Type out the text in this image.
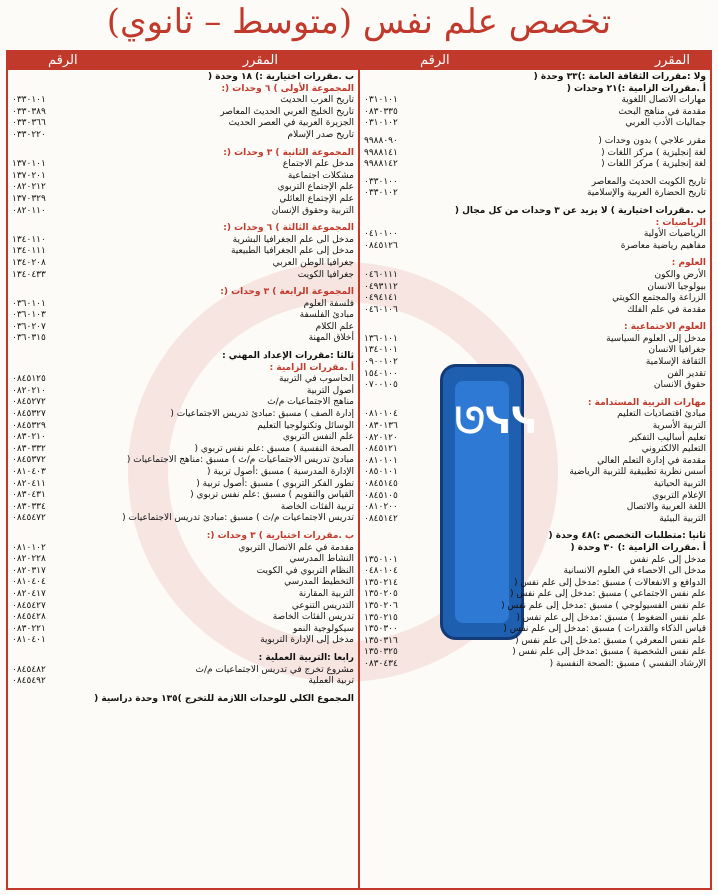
تخصص علم نفس (متوسط – ثانوي)
ᘎᓭᓭ
المقرر
الرقم	المقرر
الرقم
ب .مقررات اختيارية :) ١٨ وحدة (
المجموعة الأولى ) ٦ وحدات (:
تاريخ العرب الحديث
٠٣٣٠١٠١
تاريخ الخليج العربي الحديث المعاصر
٠٣٣٠٣٨٩
الجزيرة العربية في العصر الحديث
٠٣٣٠٣٦٦
تاريخ صدر الإسلام
٠٣٣٠٢٢٠
المجموعة الثانية ) ٣ وحدات (:
مدخل علم الاجتماع
١٣٧٠١٠١
مشكلات اجتماعية
١٣٧٠٢٠١
علم الإجتماع التربوي
٠٨٢٠٢١٢
علم الإجتماع العائلي
١٣٧٠٣٢٩
التربية وحقوق الإنسان
٠٨٢٠١١٠
المجموعة الثالثة ) ٦ وحدات (:
مدخل الى علم الجغرافيا البشرية
١٣٤٠١١٠
مدخل إلى علم الجغرافيا الطبيعية
١٣٤٠١١١
جغرافيا الوطن العربي
١٣٤٠٢٠٨
جغرافيا الكويت
١٣٤٠٤٣٣
المجموعة الرابعة ) ٣ وحدات (:
فلسفة العلوم
٠٣٦٠١٠١
مبادئ الفلسفة
٠٣٦٠١٠٣
علم الكلام
٠٣٦٠٢٠٧
أخلاق المهنة
٠٣٦٠٣١٥
ثالثا :مقررات الإعداد المهني :
أ .مقررات الزامية :
الحاسوب في التربية
٠٨٤٥١٢٥
أصول التربية
٠٨٢٠٢١٠
مناهج الاجتماعيات م/ث
٠٨٤٥٢٧٢
إدارة الصف ) مسبق :مبادئ تدريس الاجتماعيات (
٠٨٤٥٣٢٧
الوسائل وتكنولوجيا التعليم
٠٨٤٥٣٢٩
علم النفس التربوي
٠٨٣٠٢١٠
الصحة النفسية ) مسبق :علم نفس تربوي (
٠٨٣٠٣٣٢
مبادئ تدريس الاجتماعيات م/ث ) مسبق :مناهج الاجتماعيات (
٠٨٤٥٣٧٢
الإدارة المدرسية ) مسبق :أصول تربية (
٠٨١٠٤٠٣
تطور الفكر التربوي ) مسبق :أصول تربية (
٠٨٢٠٤١١
القياس والتقويم ) مسبق :علم نفس تربوي (
٠٨٣٠٤٣١
تربية الفئات الخاصة
٠٨٣٠٣٣٤
تدريس الاجتماعيات م/ث ) مسبق :مبادئ تدريس الاجتماعيات (
٠٨٤٥٤٧٢
ب .مقررات اختيارية ) ٣ وحدات (:
مقدمة في علم الاتصال التربوي
٠٨١٠١٠٢
النشاط المدرسي
٠٨٢٠٢٢٨
النظام التربوي في الكويت
٠٨٢٠٣١٧
التخطيط المدرسي
٠٨١٠٤٠٤
التربية المقارنة
٠٨٢٠٤١٧
التدريس التنوعي
٠٨٤٥٤٢٧
تدريس الفئات الخاصة
٠٨٤٥٤٢٨
سيكولوجية النمو
٠٨٣٠٢٢١
مدخل إلى الإدارة التربوية
٠٨١٠٤٠١
رابعا :التربية العملية :
مشروع تخرج في تدريس الاجتماعيات م/ث
٠٨٤٥٤٨٢
تربية العملية
٠٨٤٥٤٩٢
المجموع الكلي للوحدات اللازمة للتخرج )١٣٥ وحدة دراسية (
ولا :مقررات الثقافة العامة :)٣٣ وحدة (
أ .مقررات الزامية :)٢١ وحدات (
مهارات الاتصال اللغوية
٠٣١٠١٠١
مقدمة في مناهج البحث
٠٨٣٠٣٣٥
جماليات الأدب العربي
٠٣١٠١٠٢
مقرر علاجي ) بدون وحدات (
٩٩٨٨٠٩٠
لغة إنجليزية ) مركز اللغات (
٩٩٨٨١٤١
لغة إنجليزية ) مركز اللغات (
٩٩٨٨١٤٢
تاريخ الكويت الحديث والمعاصر
٠٣٣٠١٠٠
تاريخ الحضارة العربية والإسلامية
٠٣٣٠١٠٢
ب .مقررات اختيارية ) لا يزيد عن ٣ وحدات من كل مجال (
الرياضيات :
الرياضيات الأولية
٠٤١٠١٠٠
مفاهيم رياضية معاصرة
٠٨٤٥١٢٦
العلوم :
الأرض والكون
٠٤٦٠١١١
بيولوجيا الانسان
٠٤٩٣١١٢
الزراعة والمجتمع الكويتي
٠٤٩٤١٤١
مقدمة في علم الفلك
٠٤٦٠١٠٦
العلوم الاجتماعية :
مدخل إلى العلوم السياسية
١٣٦٠١٠١
جغرافيا الانسان
١٣٤٠١٠١
الثقافة الإسلامية
٠٩٠٠١٠٢
تقدير الفن
١٥٤٠١٠٠
حقوق الانسان
٠٧٠٠١٠٥
مهارات التربية المستدامة :
مبادئ اقتصاديات التعليم
٠٨١٠١٠٤
التربية الأسرية
٠٨٣٠١٣٦
تعليم أساليب التفكير
٠٨٢٠١٢٠
التعليم الالكتروني
٠٨٤٥١٢١
مقدمة في إدارة التعلم العالي
٠٨١٠١٠١
أسس نظرية تطبيقية للتربية الرياضية
٠٨٥٠١٠١
التربية الحياتية
٠٨٤٥١٤٥
الإعلام التربوي
٠٨٤٥١٠٥
اللغة العربية والاتصال
٠٨١٠٢٠٠
التربية البيئية
٠٨٤٥١٤٢
ثانيا :متطلبات التخصص :)٤٨ وحدة (
أ .مقررات الزامية :) ٣٠ وحدة (
مدخل إلى علم نفس
١٣٥٠١٠١
مدخل الى الاحصاء في العلوم الانسانية
٠٤٨٠١٠٤
الدوافع و الانفعالات ) مسبق :مدخل إلى علم نفس (
١٣٥٠٢١٤
علم نفس الاجتماعي ) مسبق :مدخل إلى علم نفس (
١٣٥٠٢٠٥
علم نفس الفسيولوجي ) مسبق :مدخل إلى علم نفس (
١٣٥٠٢٠٦
علم نفس الضغوط ) مسبق :مدخل إلى علم نفس (
١٣٥٠٢١٥
قياس الذكاء والقدرات ) مسبق :مدخل إلى علم نفس (
١٣٥٠٣٠٠
علم نفس المعرفي ) مسبق :مدخل إلى علم نفس (
١٣٥٠٣١٦
علم نفس الشخصية ) مسبق :مدخل إلى علم نفس (
١٣٥٠٣٢٥
الإرشاد النفسي ) مسبق :الصحة النفسية (
٠٨٣٠٤٣٤
